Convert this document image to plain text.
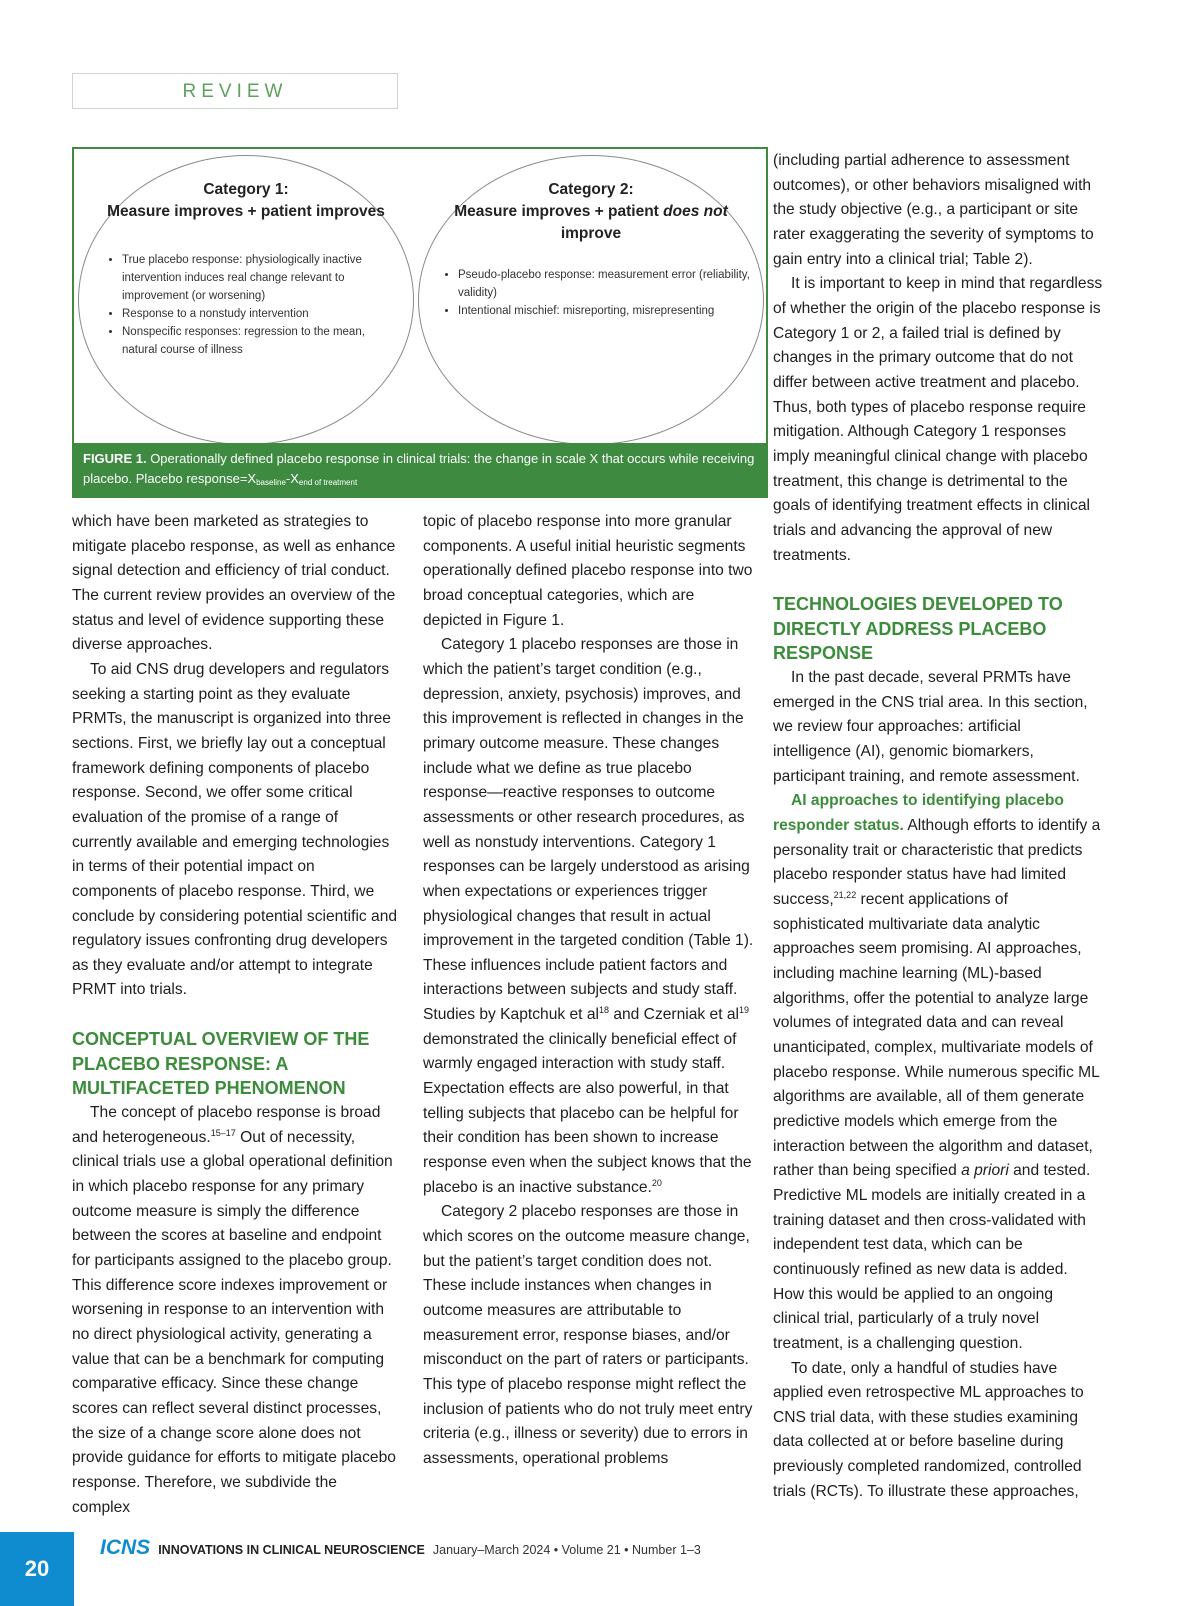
REVIEW
Category 1:
Measure improves + patient improves
• True placebo response: physiologically inactive intervention induces real change relevant to improvement (or worsening)
• Response to a nonstudy intervention
• Nonspecific responses: regression to the mean, natural course of illness
Category 2:
Measure improves + patient does not
improve
• Pseudo-placebo response: measurement error (reliability, validity)
• Intentional mischief: misreporting, misrepresenting
FIGURE 1. Operationally defined placebo response in clinical trials: the change in scale X that occurs while receiving placebo. Placebo $response=X_{baseline}-X_{end of treatment}$

which have been marketed as strategies to mitigate placebo response, as well as enhance signal detection and efficiency of trial conduct. The current review provides an overview of the status and level of evidence supporting these diverse approaches.

To aid CNS drug developers and regulators seeking a starting point as they evaluate PRMTs, the manuscript is organized into three sections. First, we briefly lay out a conceptual framework defining components of placebo response. Second, we offer some critical evaluation of the promise of a range of currently available and emerging technologies in terms of their potential impact on components of placebo response. Third, we conclude by considering potential scientific and regulatory issues confronting drug developers as they evaluate and/or attempt to integrate PRMT into trials.

CONCEPTUAL OVERVIEW OF THE PLACEBO RESPONSE: A MULTIFACETED PHENOMENON

The concept of placebo response is broad and heterogeneous.$^{15-17}$ Out of necessity, clinical trials use a global operational definition in which placebo response for any primary outcome measure is simply the difference between the scores at baseline and endpoint for participants assigned to the placebo group. This difference score indexes improvement or worsening in response to an intervention with no direct physiological activity, generating a value that can be a benchmark for computing comparative efficacy. Since these change scores can reflect several distinct processes, the size of a change score alone does not provide guidance for efforts to mitigate placebo response. Therefore, we subdivide the complex

topic of placebo response into more granular components. A useful initial heuristic segments operationally defined placebo response into two broad conceptual categories, which are depicted in Figure 1.

Category 1 placebo responses are those in which the patient’s target condition (e.g., depression, anxiety, psychosis) improves, and this improvement is reflected in changes in the primary outcome measure. These changes include what we define as true placebo response—reactive responses to outcome assessments or other research procedures, as well as nonstudy interventions. Category 1 responses can be largely understood as arising when expectations or experiences trigger physiological changes that result in actual improvement in the targeted condition (Table 1). These influences include patient factors and interactions between subjects and study staff. Studies by Kaptchuk et $al^{18}$ and Czerniak et $al^{19}$ demonstrated the clinically beneficial effect of warmly engaged interaction with study staff. Expectation effects are also powerful, in that telling subjects that placebo can be helpful for their condition has been shown to increase response even when the subject knows that the placebo is an inactive substance.$^{20}$

Category 2 placebo responses are those in which scores on the outcome measure change, but the patient’s target condition does not. These include instances when changes in outcome measures are attributable to measurement error, response biases, and/or misconduct on the part of raters or participants. This type of placebo response might reflect the inclusion of patients who do not truly meet entry criteria (e.g., illness or severity) due to errors in assessments, operational problems

(including partial adherence to assessment outcomes), or other behaviors misaligned with the study objective (e.g., a participant or site rater exaggerating the severity of symptoms to gain entry into a clinical trial; Table 2).

It is important to keep in mind that regardless of whether the origin of the placebo response is Category 1 or 2, a failed trial is defined by changes in the primary outcome that do not differ between active treatment and placebo. Thus, both types of placebo response require mitigation. Although Category 1 responses imply meaningful clinical change with placebo treatment, this change is detrimental to the goals of identifying treatment effects in clinical trials and advancing the approval of new treatments.

TECHNOLOGIES DEVELOPED TO DIRECTLY ADDRESS PLACEBO RESPONSE

In the past decade, several PRMTs have emerged in the CNS trial area. In this section, we review four approaches: artificial intelligence (AI), genomic biomarkers, participant training, and remote assessment.

AI approaches to identifying placebo responder status. Although efforts to identify a personality trait or characteristic that predicts placebo responder status have had limited success,$^{21,22}$ recent applications of sophisticated multivariate data analytic approaches seem promising. AI approaches, including machine learning (ML)-based algorithms, offer the potential to analyze large volumes of integrated data and can reveal unanticipated, complex, multivariate models of placebo response. While numerous specific ML algorithms are available, all of them generate predictive models which emerge from the interaction between the algorithm and dataset, rather than being specified a priori and tested. Predictive ML models are initially created in a training dataset and then cross-validated with independent test data, which can be continuously refined as new data is added. How this would be applied to an ongoing clinical trial, particularly of a truly novel treatment, is a challenging question.

To date, only a handful of studies have applied even retrospective ML approaches to CNS trial data, with these studies examining data collected at or before baseline during previously completed randomized, controlled trials (RCTs). To illustrate these approaches,

20
ICNS INNOVATIONS IN CLINICAL NEUROSCIENCE January–March 2024 • Volume 21 • Number 1–3
